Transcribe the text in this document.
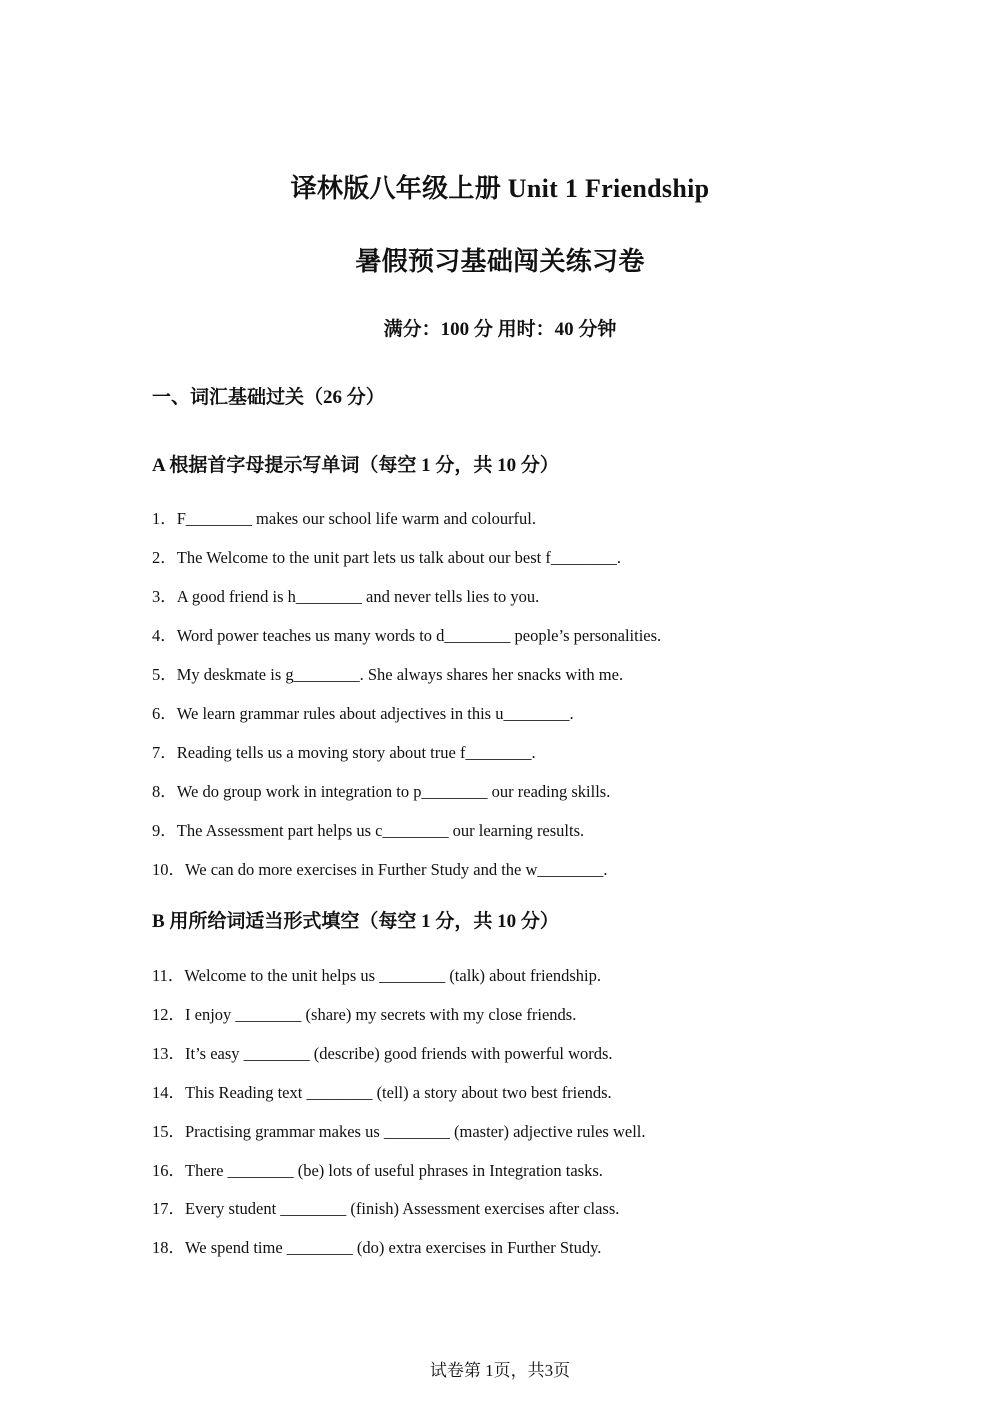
译林版八年级上册 Unit 1 Friendship
暑假预习基础闯关练习卷
满分：100 分 用时：40 分钟
一、词汇基础过关（26 分）
A 根据首字母提示写单词（每空 1 分，共 10 分）
1．F________ makes our school life warm and colourful.
2．The Welcome to the unit part lets us talk about our best f________.
3．A good friend is h________ and never tells lies to you.
4．Word power teaches us many words to d________ people’s personalities.
5．My deskmate is g________. She always shares her snacks with me.
6．We learn grammar rules about adjectives in this u________.
7．Reading tells us a moving story about true f________.
8．We do group work in integration to p________ our reading skills.
9．The Assessment part helps us c________ our learning results.
10．We can do more exercises in Further Study and the w________.
B 用所给词适当形式填空（每空 1 分，共 10 分）
11．Welcome to the unit helps us ________ (talk) about friendship.
12．I enjoy ________ (share) my secrets with my close friends.
13．It’s easy ________ (describe) good friends with powerful words.
14．This Reading text ________ (tell) a story about two best friends.
15．Practising grammar makes us ________ (master) adjective rules well.
16．There ________ (be) lots of useful phrases in Integration tasks.
17．Every student ________ (finish) Assessment exercises after class.
18．We spend time ________ (do) extra exercises in Further Study.
试卷第 1页，共3页
